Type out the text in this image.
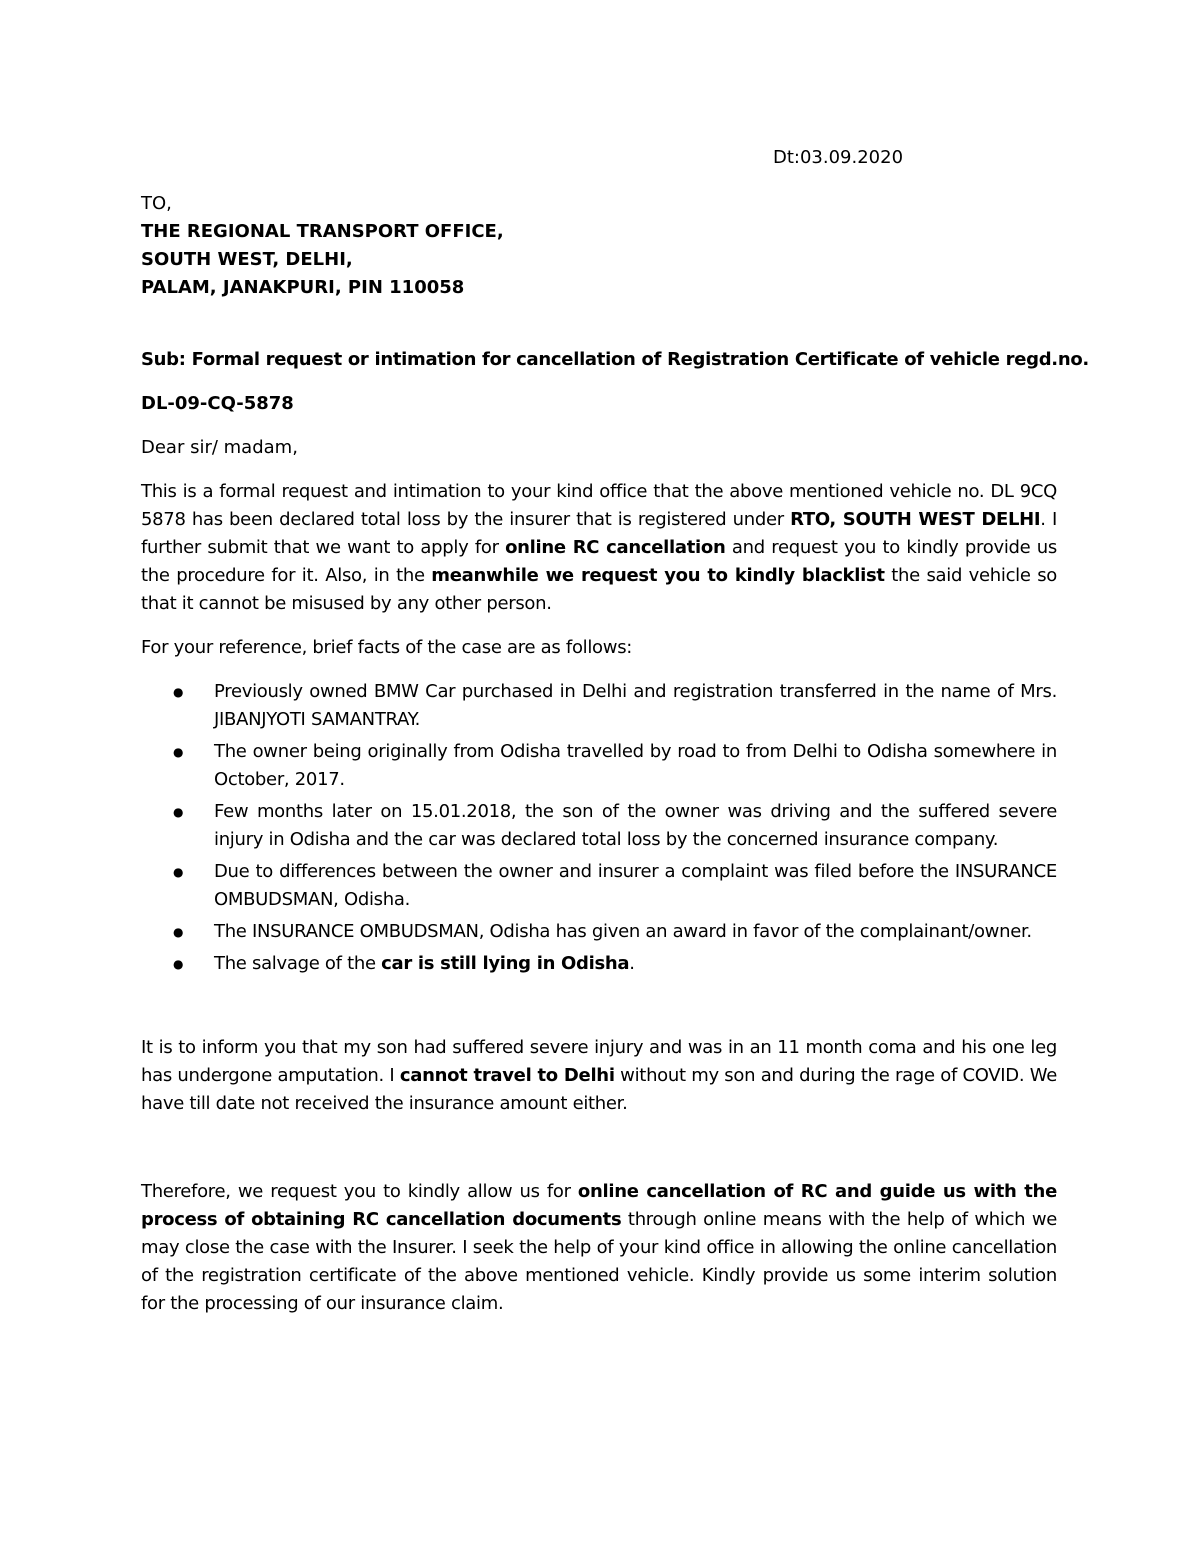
Dt:03.09.2020
TO,
THE REGIONAL TRANSPORT OFFICE,
SOUTH WEST, DELHI,
PALAM, JANAKPURI, PIN 110058
Sub: Formal request or intimation for cancellation of Registration Certificate of vehicle regd.no.
DL-09-CQ-5878
Dear sir/ madam,
This is a formal request and intimation to your kind office that the above mentioned vehicle no. DL 9CQ 5878 has been declared total loss by the insurer that is registered under RTO, SOUTH WEST DELHI. I further submit that we want to apply for online RC cancellation and request you to kindly provide us the procedure for it. Also, in the meanwhile we request you to kindly blacklist the said vehicle so that it cannot be misused by any other person.
For your reference, brief facts of the case are as follows:
● Previously owned BMW Car purchased in Delhi and registration transferred in the name of Mrs. JIBANJYOTI SAMANTRAY.
● The owner being originally from Odisha travelled by road to from Delhi to Odisha somewhere in October, 2017.
● Few months later on 15.01.2018, the son of the owner was driving and the suffered severe injury in Odisha and the car was declared total loss by the concerned insurance company.
● Due to differences between the owner and insurer a complaint was filed before the INSURANCE OMBUDSMAN, Odisha.
● The INSURANCE OMBUDSMAN, Odisha has given an award in favor of the complainant/owner.
● The salvage of the car is still lying in Odisha.
It is to inform you that my son had suffered severe injury and was in an 11 month coma and his one leg has undergone amputation. I cannot travel to Delhi without my son and during the rage of COVID. We have till date not received the insurance amount either.
Therefore, we request you to kindly allow us for online cancellation of RC and guide us with the process of obtaining RC cancellation documents through online means with the help of which we may close the case with the Insurer. I seek the help of your kind office in allowing the online cancellation of the registration certificate of the above mentioned vehicle. Kindly provide us some interim solution for the processing of our insurance claim.
